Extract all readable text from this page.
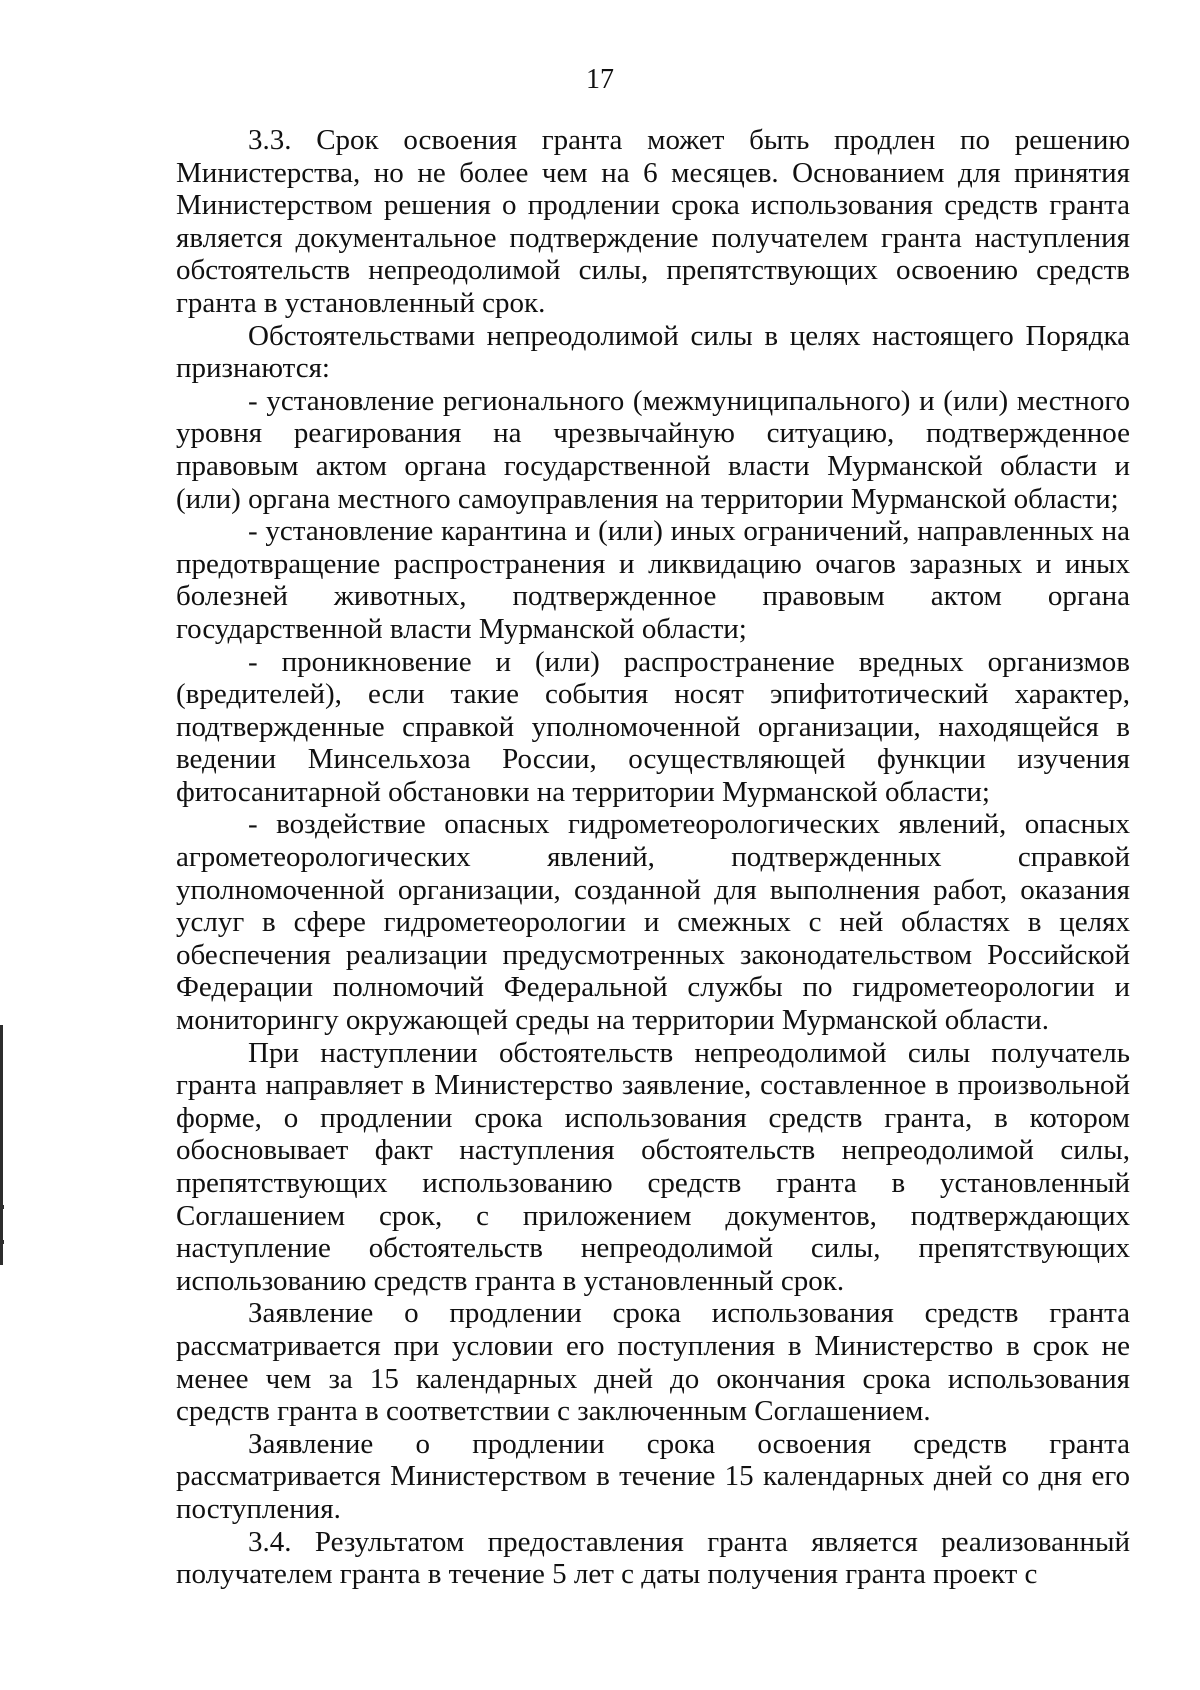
17

3.3. Срок освоения гранта может быть продлен по решению Министерства, но не более чем на 6 месяцев. Основанием для принятия Министерством решения о продлении срока использования средств гранта является документальное подтверждение получателем гранта наступления обстоятельств непреодолимой силы, препятствующих освоению средств гранта в установленный срок.

Обстоятельствами непреодолимой силы в целях настоящего Порядка признаются:

- установление регионального (межмуниципального) и (или) местного уровня реагирования на чрезвычайную ситуацию, подтвержденное правовым актом органа государственной власти Мурманской области и (или) органа местного самоуправления на территории Мурманской области;

- установление карантина и (или) иных ограничений, направленных на предотвращение распространения и ликвидацию очагов заразных и иных болезней животных, подтвержденное правовым актом органа государственной власти Мурманской области;

- проникновение и (или) распространение вредных организмов (вредителей), если такие события носят эпифитотический характер, подтвержденные справкой уполномоченной организации, находящейся в ведении Минсельхоза России, осуществляющей функции изучения фитосанитарной обстановки на территории Мурманской области;

- воздействие опасных гидрометеорологических явлений, опасных агрометеорологических явлений, подтвержденных справкой уполномоченной организации, созданной для выполнения работ, оказания услуг в сфере гидрометеорологии и смежных с ней областях в целях обеспечения реализации предусмотренных законодательством Российской Федерации полномочий Федеральной службы по гидрометеорологии и мониторингу окружающей среды на территории Мурманской области.

При наступлении обстоятельств непреодолимой силы получатель гранта направляет в Министерство заявление, составленное в произвольной форме, о продлении срока использования средств гранта, в котором обосновывает факт наступления обстоятельств непреодолимой силы, препятствующих использованию средств гранта в установленный Соглашением срок, с приложением документов, подтверждающих наступление обстоятельств непреодолимой силы, препятствующих использованию средств гранта в установленный срок.

Заявление о продлении срока использования средств гранта рассматривается при условии его поступления в Министерство в срок не менее чем за 15 календарных дней до окончания срока использования средств гранта в соответствии с заключенным Соглашением.

Заявление о продлении срока освоения средств гранта рассматривается Министерством в течение 15 календарных дней со дня его поступления.

3.4. Результатом предоставления гранта является реализованный получателем гранта в течение 5 лет с даты получения гранта проект с
